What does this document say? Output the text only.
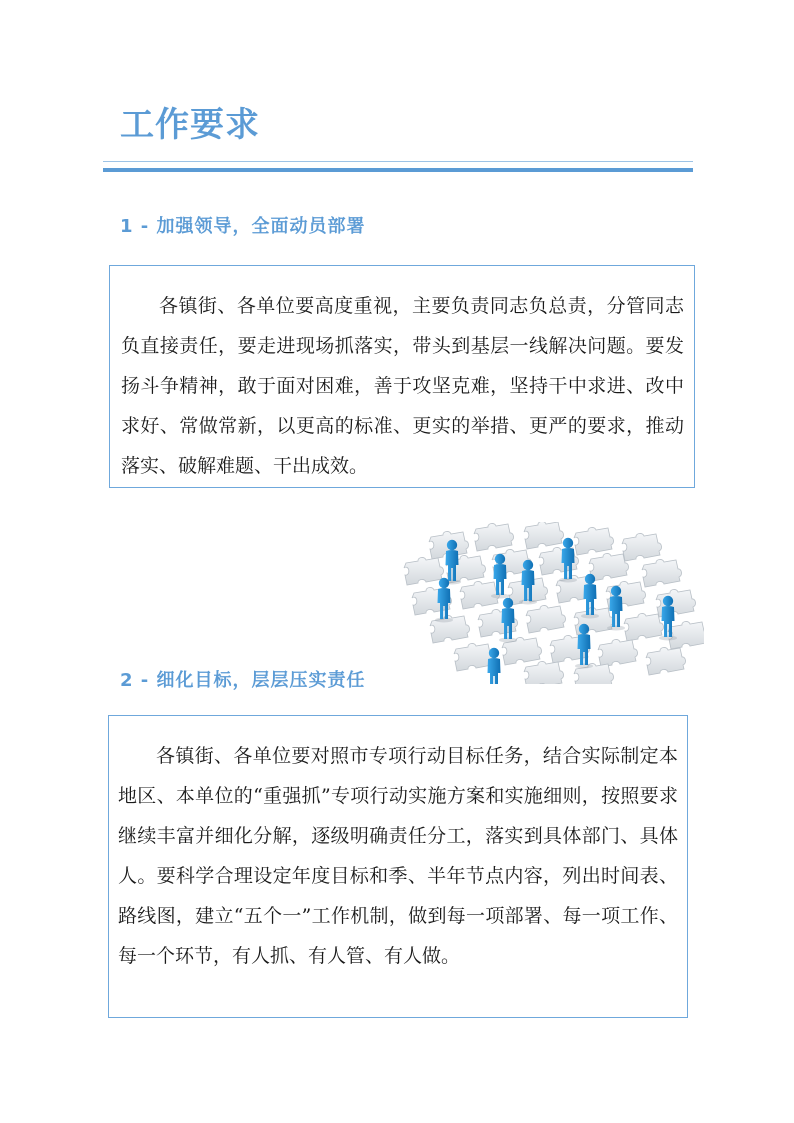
工作要求
1 - 加强领导，全面动员部署

各镇街、各单位要高度重视，主要负责同志负总责，分管同志负直接责任，要走进现场抓落实，带头到基层一线解决问题。要发扬斗争精神，敢于面对困难，善于攻坚克难，坚持干中求进、改中求好、常做常新，以更高的标准、更实的举措、更严的要求，推动落实、破解难题、干出成效。

2 - 细化目标，层层压实责任

各镇街、各单位要对照市专项行动目标任务，结合实际制定本地区、本单位的“重强抓”专项行动实施方案和实施细则，按照要求继续丰富并细化分解，逐级明确责任分工，落实到具体部门、具体人。要科学合理设定年度目标和季、半年节点内容，列出时间表、路线图，建立“五个一”工作机制，做到每一项部署、每一项工作、每一个环节，有人抓、有人管、有人做。
